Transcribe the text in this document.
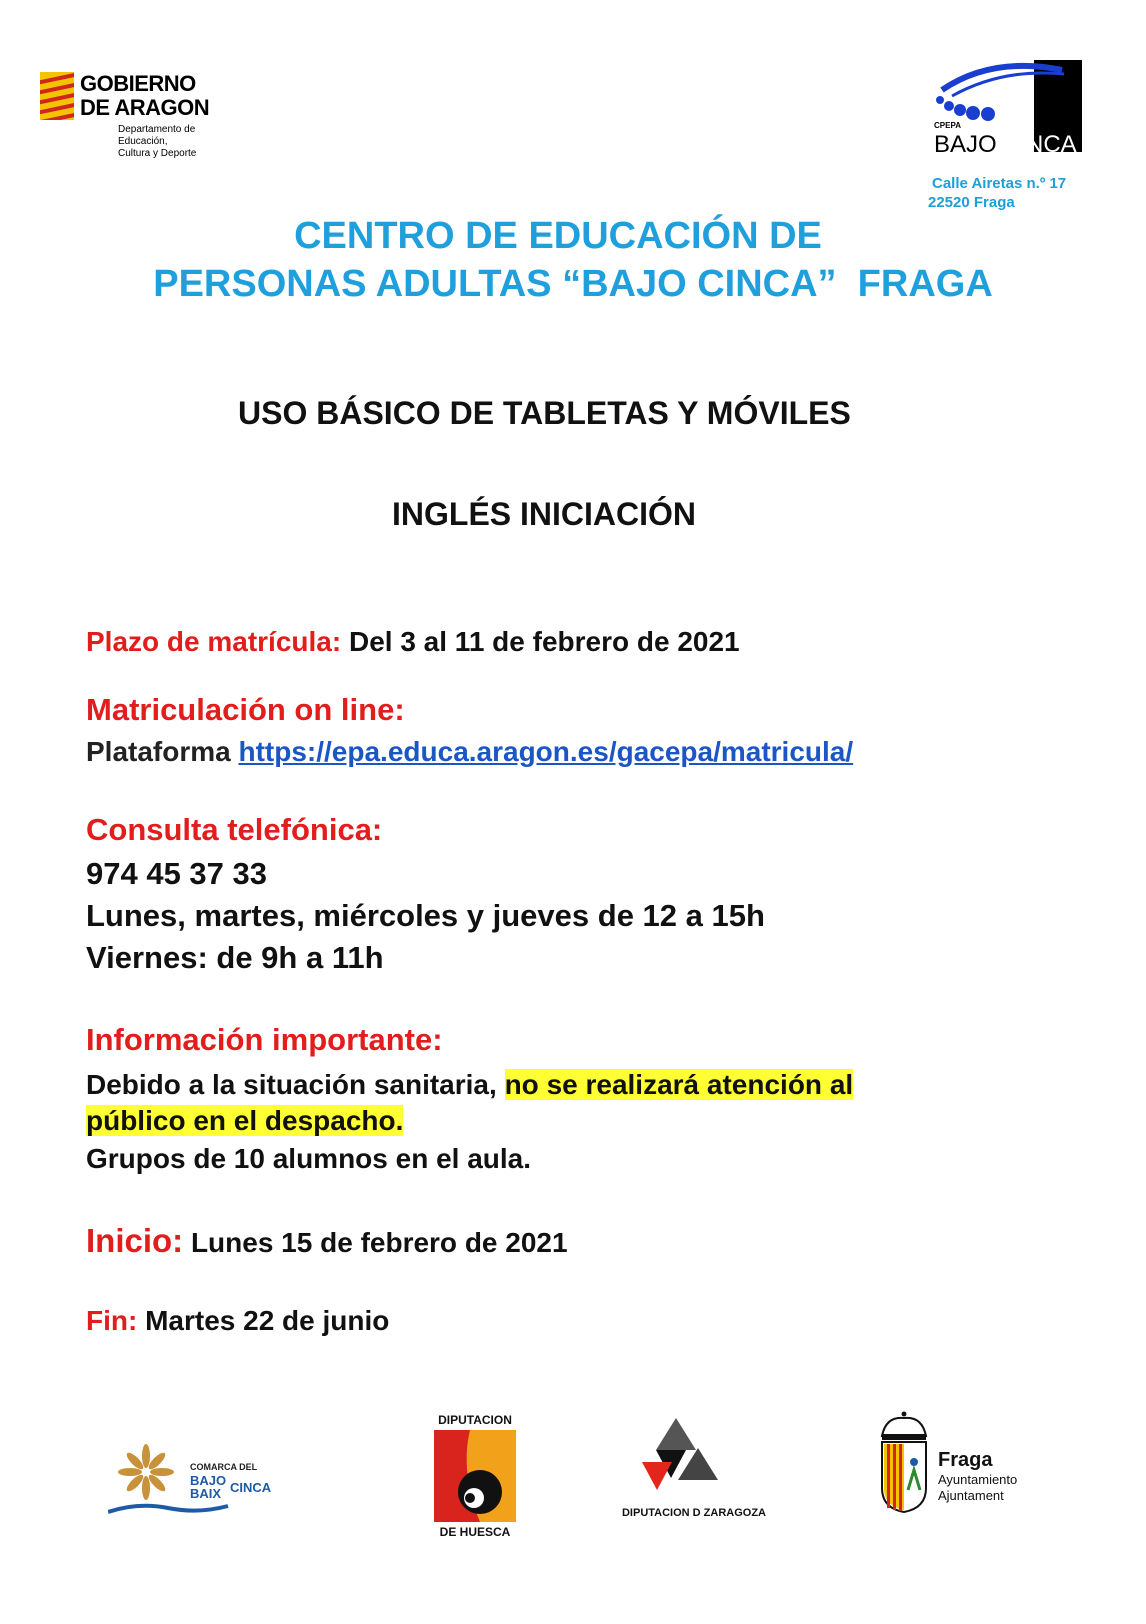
GOBIERNO
DE ARAGON
Departamento de Educación,
Cultura y Deporte
CPEPA
BAJO CINCA
Calle Airetas n.º 17
22520 Fraga
CENTRO DE EDUCACIÓN DE
PERSONAS ADULTAS “BAJO CINCA”  FRAGA
USO BÁSICO DE TABLETAS Y MÓVILES
INGLÉS INICIACIÓN
Plazo de matrícula: Del 3 al 11 de febrero de 2021
Matriculación on line:
Plataforma https://epa.educa.aragon.es/gacepa/matricula/
Consulta telefónica:
974 45 37 33
Lunes, martes, miércoles y jueves de 12 a 15h
Viernes: de 9h a 11h
Información importante:
Debido a la situación sanitaria, no se realizará atención al
público en el despacho.
Grupos de 10 alumnos en el aula.
Inicio: Lunes 15 de febrero de 2021
Fin: Martes 22 de junio
COMARCA DEL
BAJO
BAIX CINCA
DIPUTACION
DE HUESCA
DIPUTACION D ZARAGOZA
Fraga
Ayuntamiento
Ajuntament
